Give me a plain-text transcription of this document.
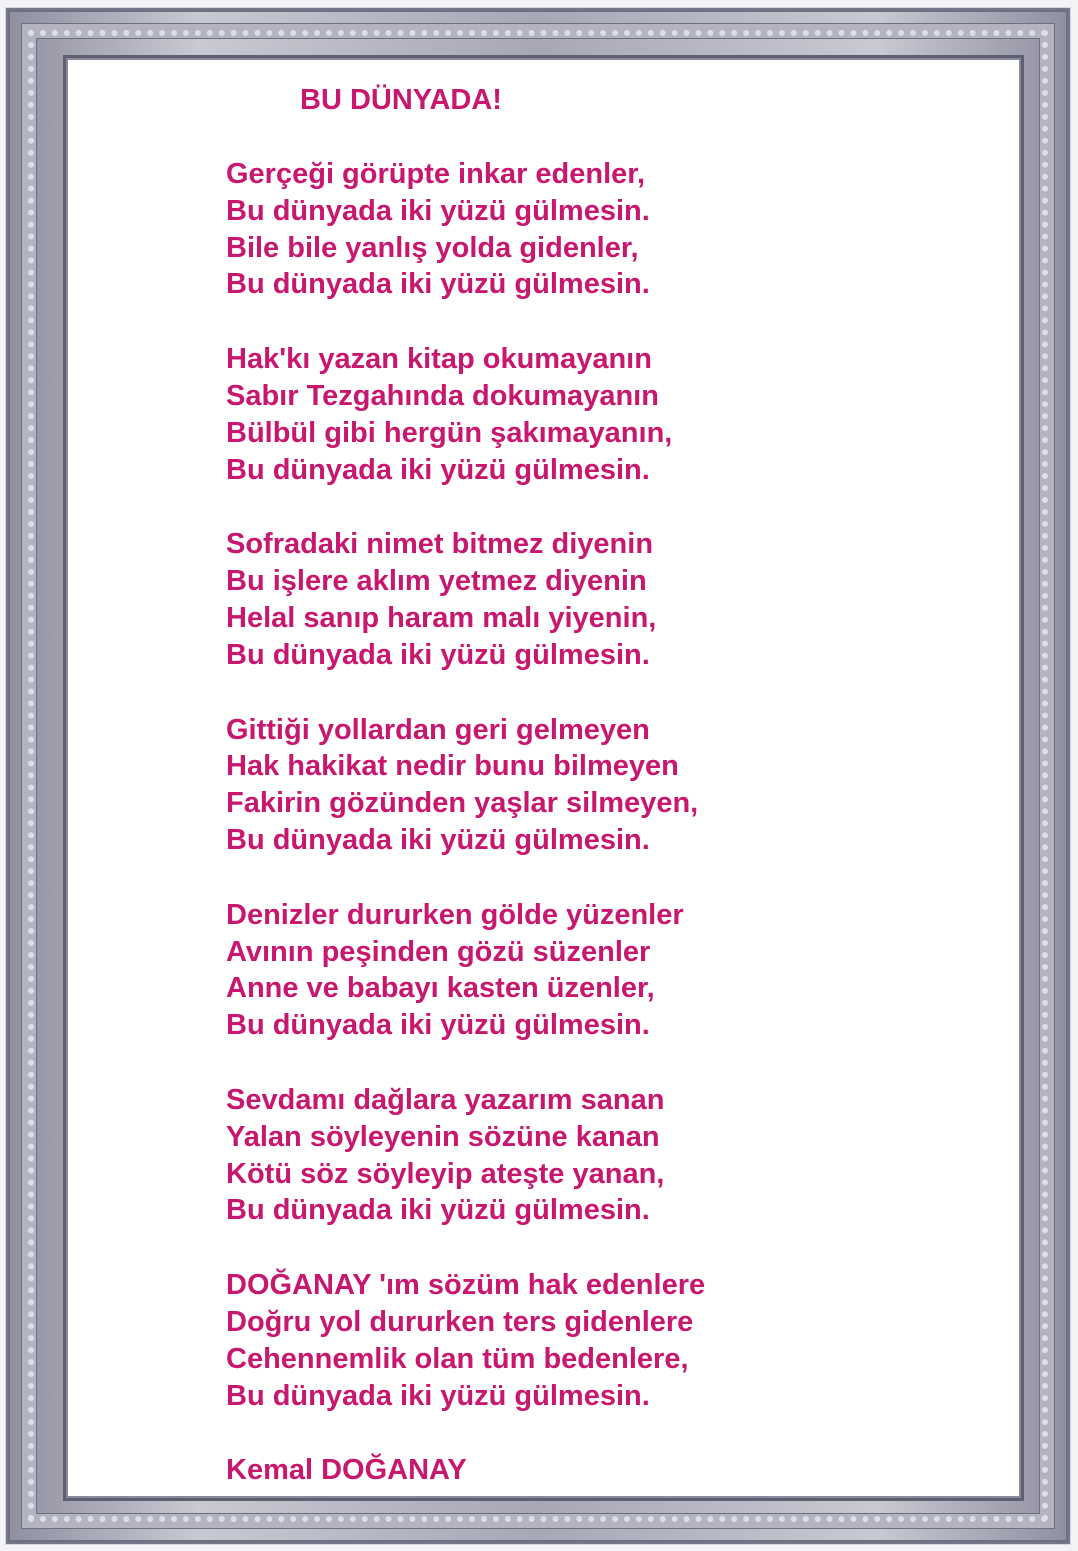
BU DÜNYADA!
Gerçeği görüpte inkar edenler,
Bu dünyada iki yüzü gülmesin.
Bile bile yanlış yolda gidenler,
Bu dünyada iki yüzü gülmesin.
Hak'kı yazan kitap okumayanın
Sabır Tezgahında dokumayanın
Bülbül gibi hergün şakımayanın,
Bu dünyada iki yüzü gülmesin.
Sofradaki nimet bitmez diyenin
Bu işlere aklım yetmez diyenin
Helal sanıp haram malı yiyenin,
Bu dünyada iki yüzü gülmesin.
Gittiği yollardan geri gelmeyen
Hak hakikat nedir bunu bilmeyen
Fakirin gözünden yaşlar silmeyen,
Bu dünyada iki yüzü gülmesin.
Denizler dururken gölde yüzenler
Avının peşinden gözü süzenler
Anne ve babayı kasten üzenler,
Bu dünyada iki yüzü gülmesin.
Sevdamı dağlara yazarım sanan
Yalan söyleyenin sözüne kanan
Kötü söz söyleyip ateşte yanan,
Bu dünyada iki yüzü gülmesin.
DOĞANAY 'ım sözüm hak edenlere
Doğru yol dururken ters gidenlere
Cehennemlik olan tüm bedenlere,
Bu dünyada iki yüzü gülmesin.
Kemal DOĞANAY
